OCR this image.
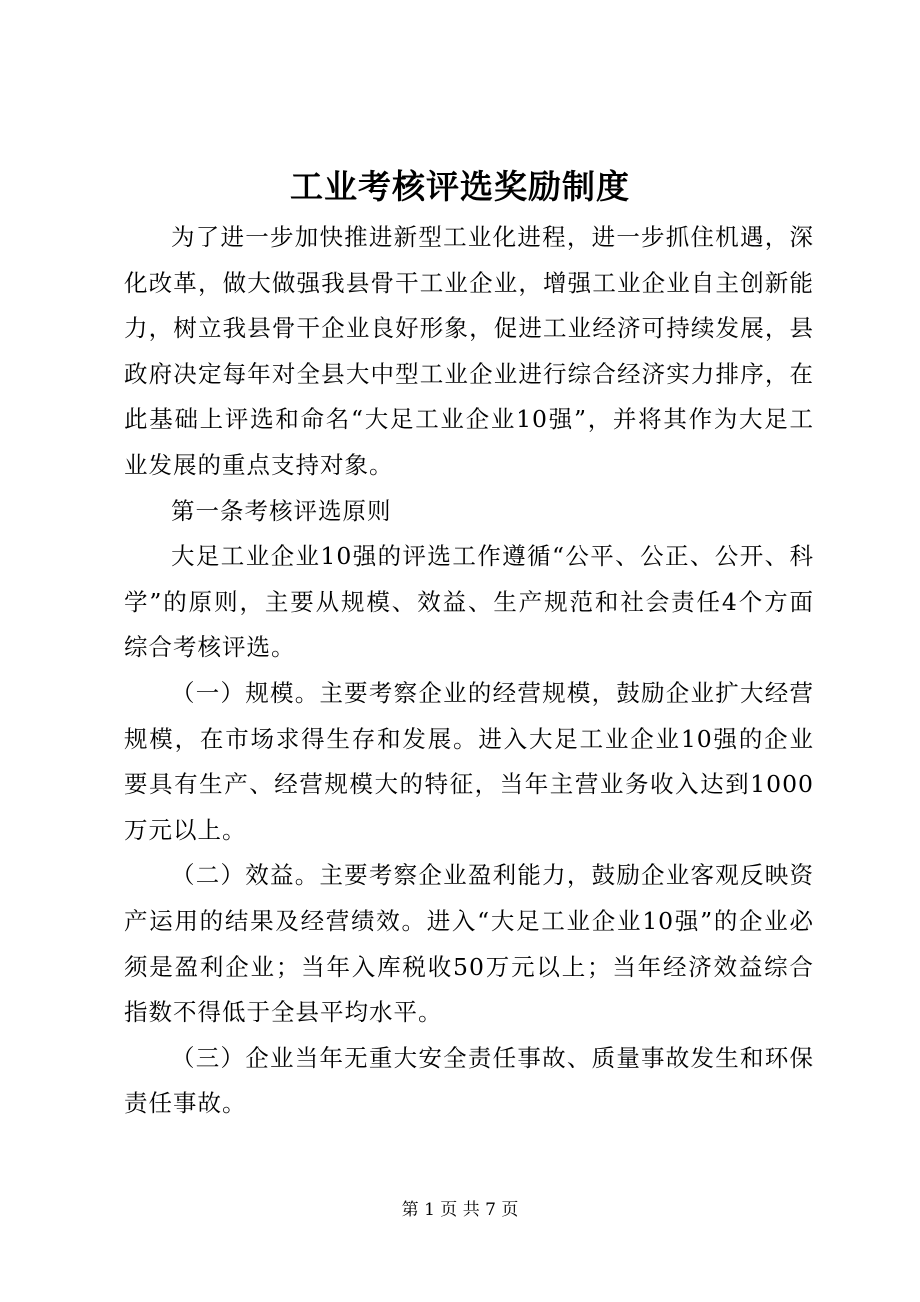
工业考核评选奖励制度

为了进一步加快推进新型工业化进程，进一步抓住机遇，深化改革，做大做强我县骨干工业企业，增强工业企业自主创新能力，树立我县骨干企业良好形象，促进工业经济可持续发展，县政府决定每年对全县大中型工业企业进行综合经济实力排序，在此基础上评选和命名“大足工业企业10强”，并将其作为大足工业发展的重点支持对象。

第一条考核评选原则

大足工业企业10强的评选工作遵循“公平、公正、公开、科学”的原则，主要从规模、效益、生产规范和社会责任4个方面综合考核评选。

（一）规模。主要考察企业的经营规模，鼓励企业扩大经营规模，在市场求得生存和发展。进入大足工业企业10强的企业要具有生产、经营规模大的特征，当年主营业务收入达到1000万元以上。

（二）效益。主要考察企业盈利能力，鼓励企业客观反映资产运用的结果及经营绩效。进入“大足工业企业10强”的企业必须是盈利企业；当年入库税收50万元以上；当年经济效益综合指数不得低于全县平均水平。

（三）企业当年无重大安全责任事故、质量事故发生和环保责任事故。

第 1 页 共 7 页
